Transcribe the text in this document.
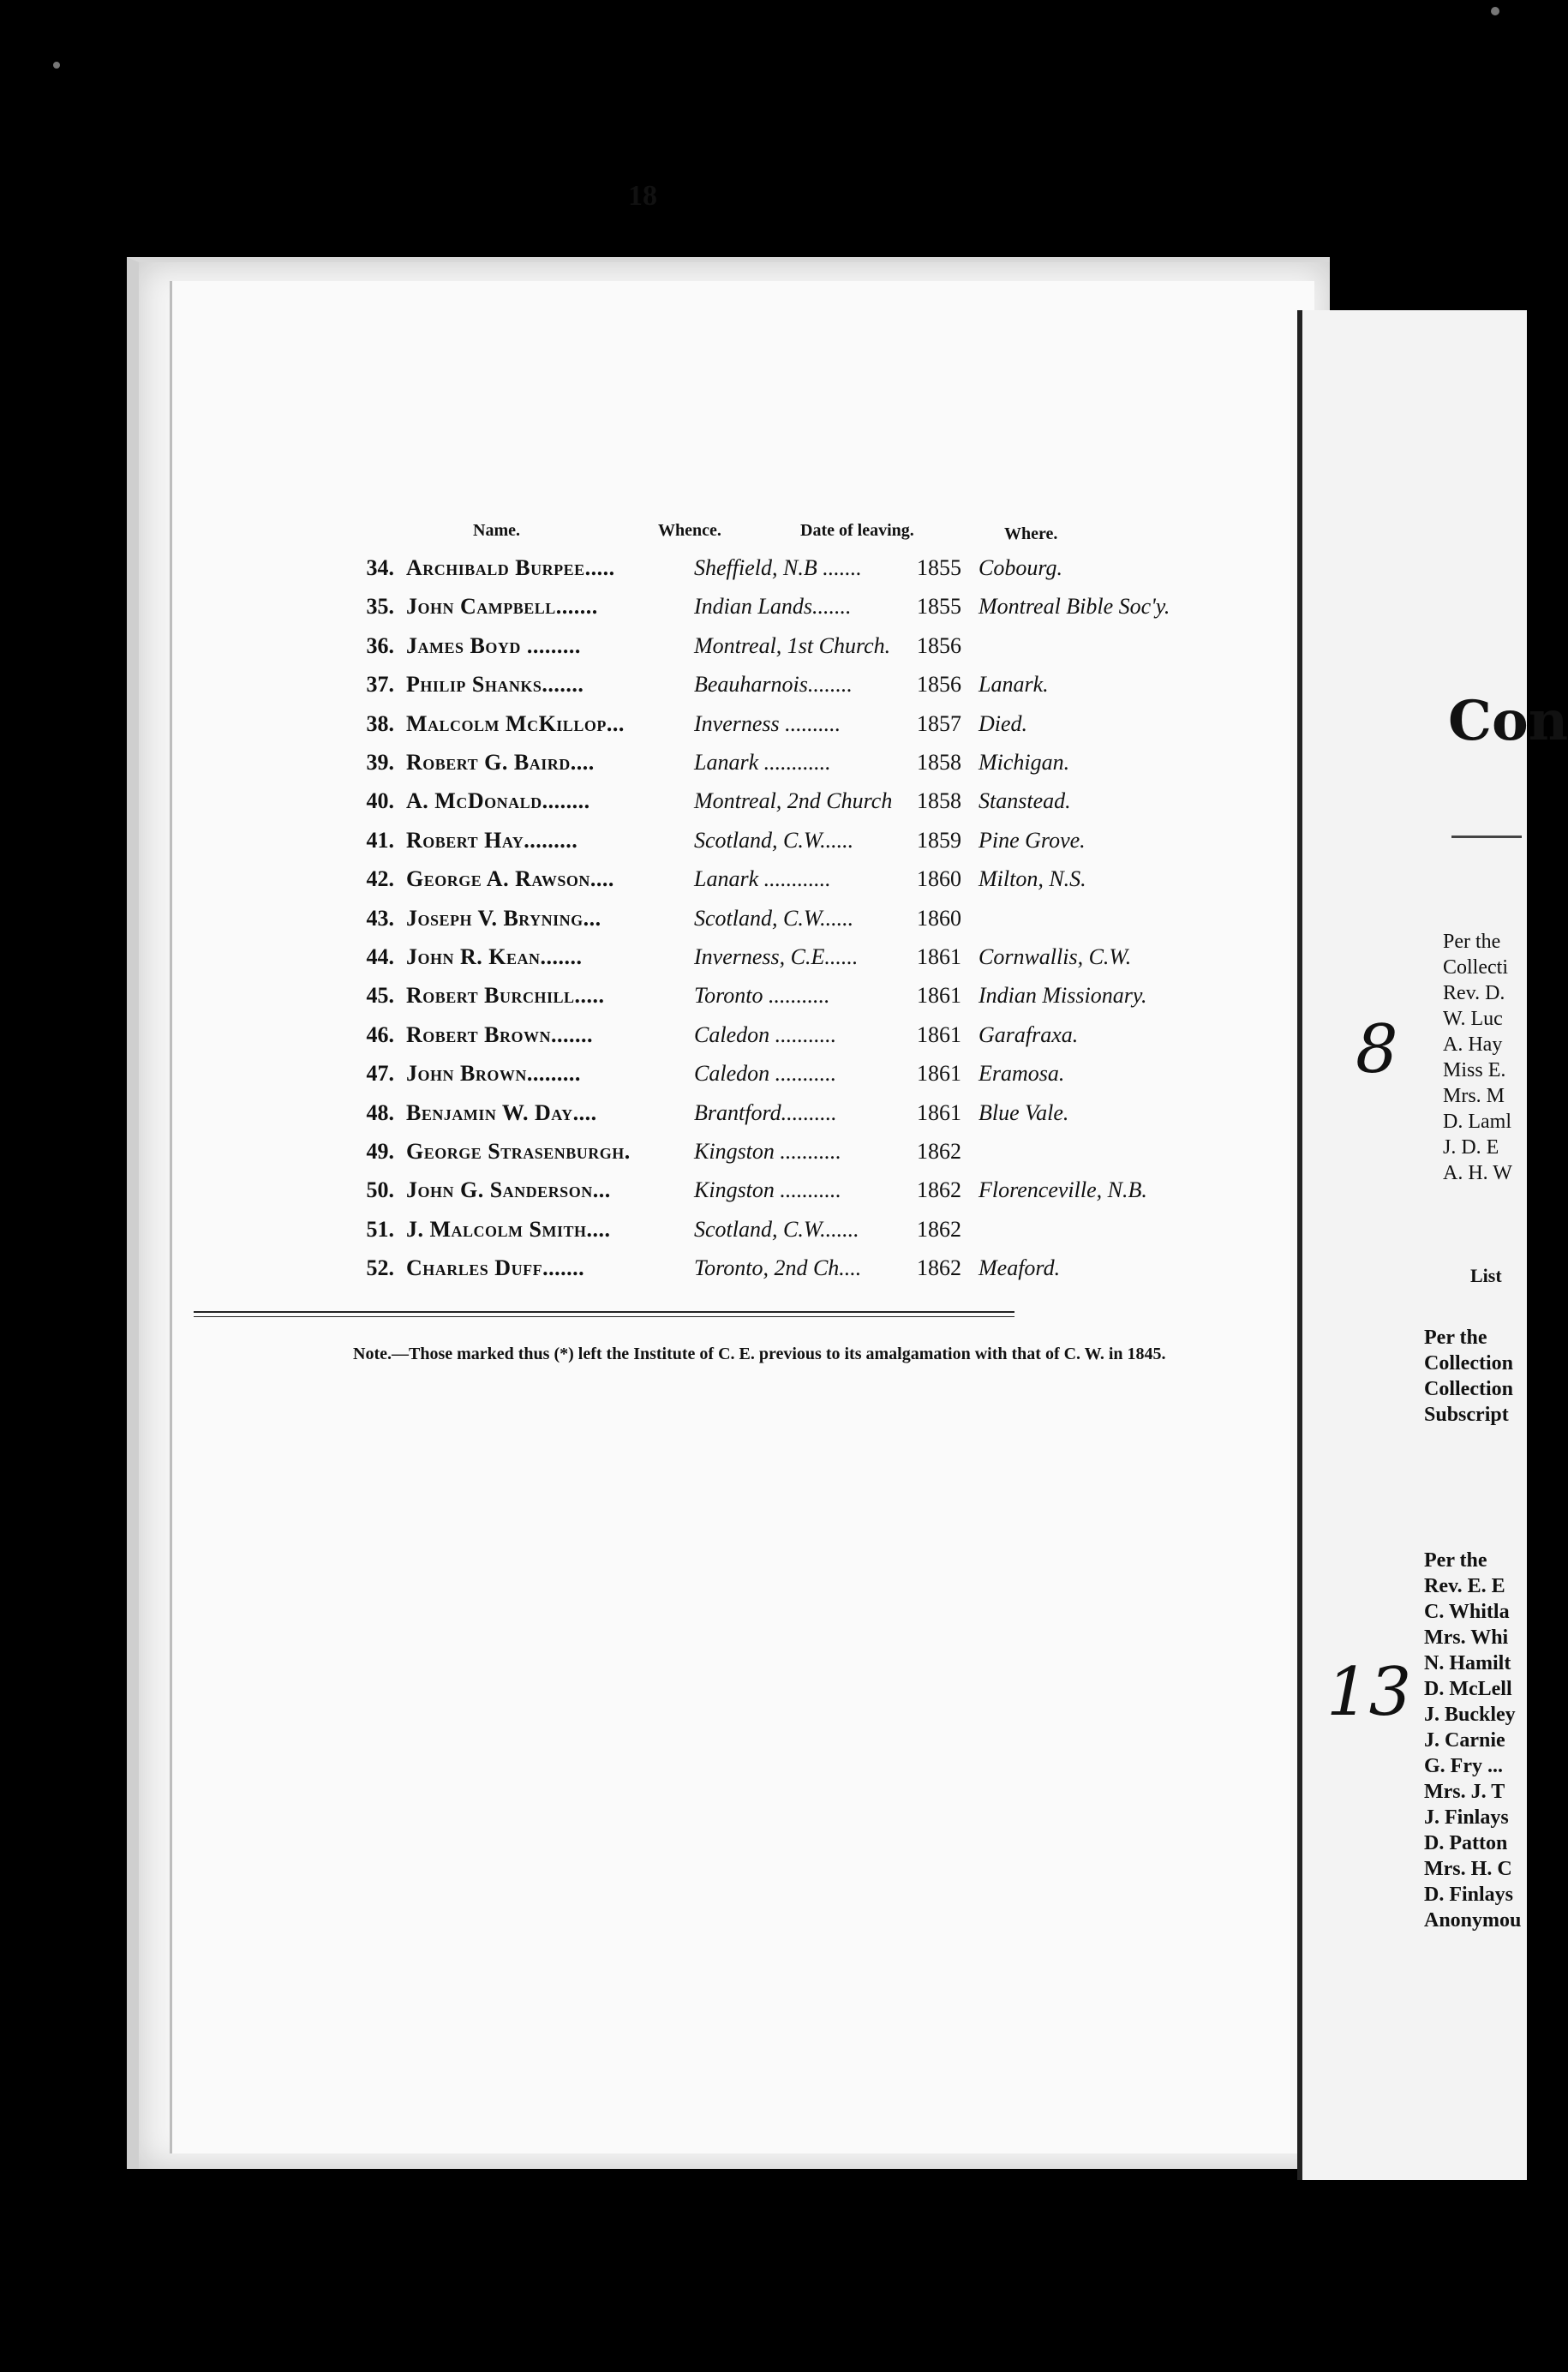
18
Name.	Whence.	Date of leaving.	Where.
34. Archibald Burpee.....	Sheffield, N.B ....... 1855 Cobourg.
35. John Campbell.......	Indian Lands.......	1855 Montreal Bible Soc'y.
36. James Boyd .........	Montreal, 1st Church. 1856
37. Philip Shanks.......	Beauharnois........	1856 Lanark.
38. Malcolm McKillop...	Inverness ..........	1857 Died.
39. Robert G. Baird....	Lanark ............	1858 Michigan.
40. A. McDonald........	Montreal, 2nd Church 1858 Stanstead.
41. Robert Hay.........	Scotland, C.W......	1859 Pine Grove.
42. George A. Rawson....	Lanark ............	1860 Milton, N.S.
43. Joseph V. Bryning...	Scotland, C.W......	1860
44. John R. Kean.......	Inverness, C.E......	1861 Cornwallis, C.W.
45. Robert Burchill.....	Toronto ...........	1861 Indian Missionary.
46. Robert Brown.......	Caledon ...........	1861 Garafraxa.
47. John Brown.........	Caledon ...........	1861 Eramosa.
48. Benjamin W. Day....	Brantford..........	1861 Blue Vale.
49. George Strasenburgh.	Kingston ...........	1862
50. John G. Sanderson...	Kingston ...........	1862 Florenceville, N.B.
51. J. Malcolm Smith....	Scotland, C.W.......	1862
52. Charles Duff.......	Toronto, 2nd Ch.... 1862 Meaford.
Note.—Those marked thus (*) left the Institute of C. E. previous to its amalgamation with that of C. W. in 1845.
Con
Per the
Collecti
Rev. D.
W. Luc
A. Hay
Miss E.
Mrs. M
D. Laml
J. D. E
A. H. W
List
Per the
Collection
Collection
Subscript
Per the
Rev. E. E
C. Whitla
Mrs. Whi
N. Hamilt
D. McLell
J. Buckley
J. Carnie
G. Fry ...
Mrs. J. T
J. Finlays
D. Patton
Mrs. H. C
D. Finlays
Anonymou
8
13
